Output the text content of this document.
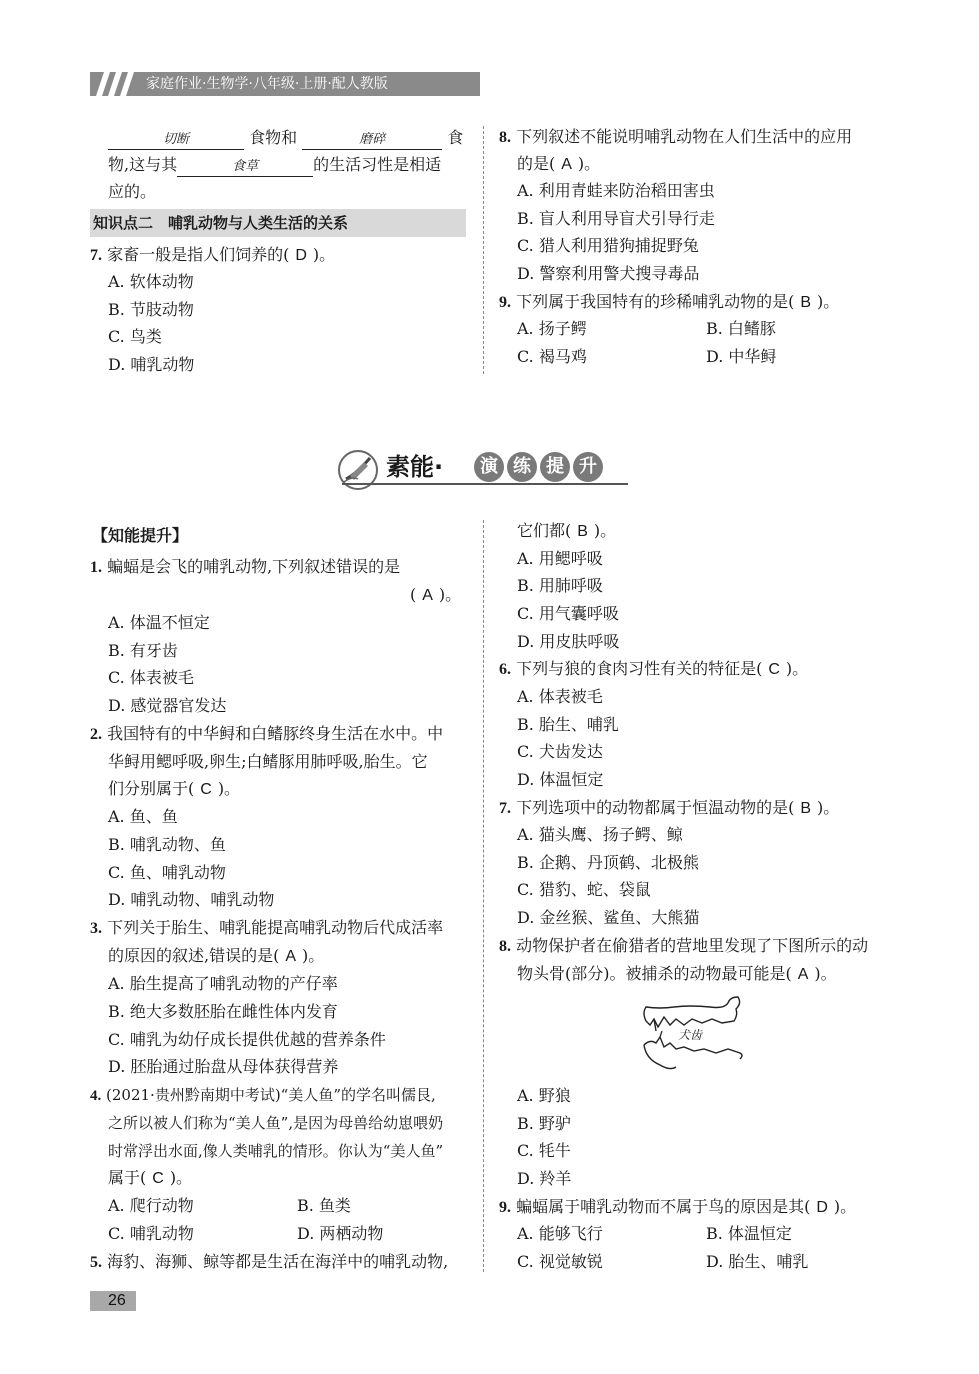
家庭作业·生物学·八年级·上册·配人教版
切断	食物和	磨碎	食
物,这与其	食草	的生活习性是相适
应的。
知识点二　哺乳动物与人类生活的关系
7. 家畜一般是指人们饲养的( D )。
A. 软体动物
B. 节肢动物
C. 鸟类
D. 哺乳动物
8. 下列叙述不能说明哺乳动物在人们生活中的应用
的是( A )。
A. 利用青蛙来防治稻田害虫
B. 盲人利用导盲犬引导行走
C. 猎人利用猎狗捕捉野兔
D. 警察利用警犬搜寻毒品
9. 下列属于我国特有的珍稀哺乳动物的是( B )。
A. 扬子鳄	B. 白鳍豚
C. 褐马鸡	D. 中华鲟
素能·	演 练 提 升
【知能提升】
1. 蝙蝠是会飞的哺乳动物,下列叙述错误的是
( A )。
A. 体温不恒定
B. 有牙齿
C. 体表被毛
D. 感觉器官发达
2. 我国特有的中华鲟和白鳍豚终身生活在水中。中
华鲟用鳃呼吸,卵生;白鳍豚用肺呼吸,胎生。它
们分别属于( C )。
A. 鱼、鱼
B. 哺乳动物、鱼
C. 鱼、哺乳动物
D. 哺乳动物、哺乳动物
3. 下列关于胎生、哺乳能提高哺乳动物后代成活率
的原因的叙述,错误的是( A )。
A. 胎生提高了哺乳动物的产仔率
B. 绝大多数胚胎在雌性体内发育
C. 哺乳为幼仔成长提供优越的营养条件
D. 胚胎通过胎盘从母体获得营养
4. (2021·贵州黔南期中考试)“美人鱼”的学名叫儒艮,
之所以被人们称为“美人鱼”,是因为母兽给幼崽喂奶
时常浮出水面,像人类哺乳的情形。你认为“美人鱼”
属于( C )。
A. 爬行动物	B. 鱼类
C. 哺乳动物	D. 两栖动物
5. 海豹、海狮、鲸等都是生活在海洋中的哺乳动物,
它们都( B )。
A. 用鳃呼吸
B. 用肺呼吸
C. 用气囊呼吸
D. 用皮肤呼吸
6. 下列与狼的食肉习性有关的特征是( C )。
A. 体表被毛
B. 胎生、哺乳
C. 犬齿发达
D. 体温恒定
7. 下列选项中的动物都属于恒温动物的是( B )。
A. 猫头鹰、扬子鳄、鲸
B. 企鹅、丹顶鹤、北极熊
C. 猎豹、蛇、袋鼠
D. 金丝猴、鲨鱼、大熊猫
8. 动物保护者在偷猎者的营地里发现了下图所示的动
物头骨(部分)。被捕杀的动物最可能是( A )。
犬齿
A. 野狼
B. 野驴
C. 牦牛
D. 羚羊
9. 蝙蝠属于哺乳动物而不属于鸟的原因是其( D )。
A. 能够飞行	B. 体温恒定
C. 视觉敏锐	D. 胎生、哺乳
26
